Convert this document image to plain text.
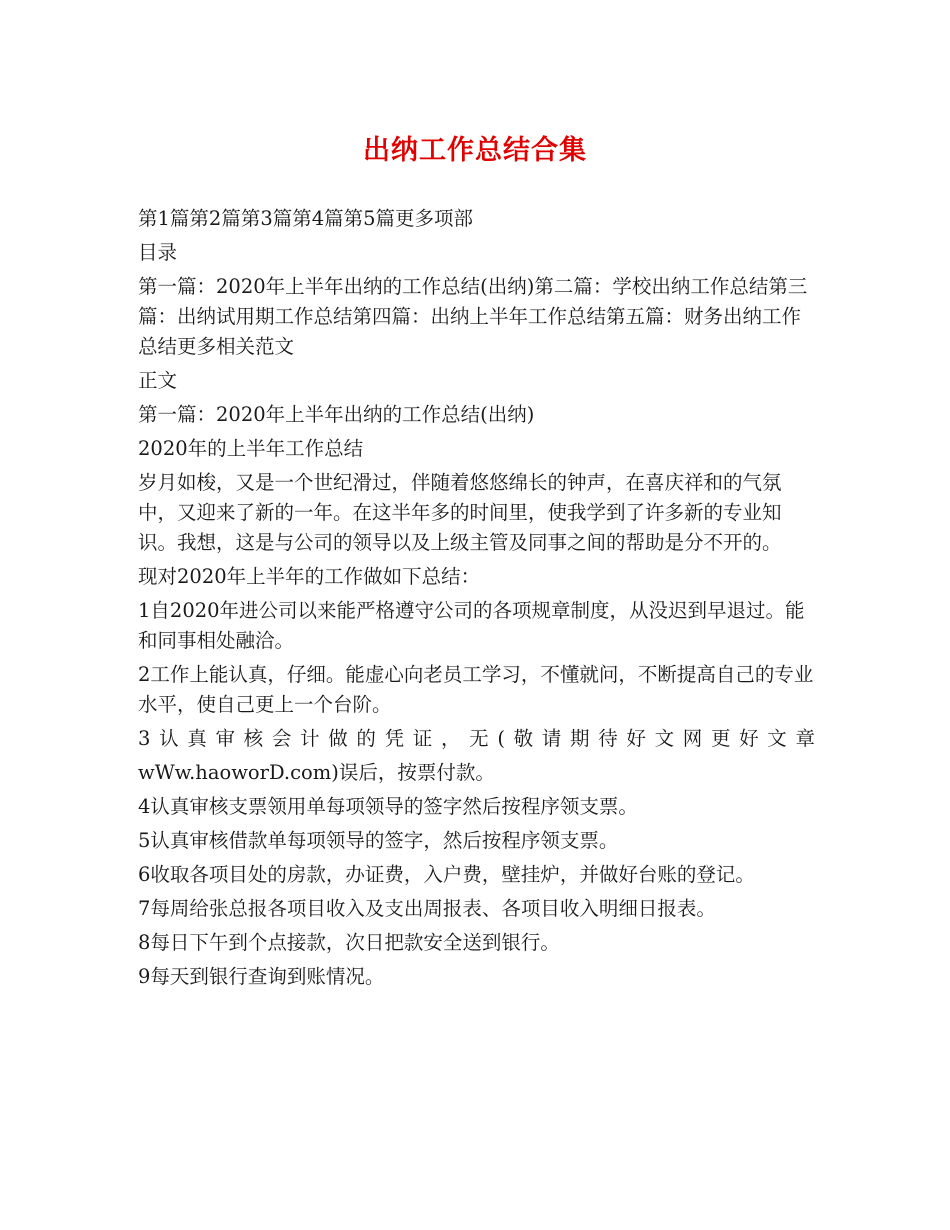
出纳工作总结合集

第1篇第2篇第3篇第4篇第5篇更多项部

目录

第一篇：2020年上半年出纳的工作总结(出纳)第二篇：学校出纳工作总结第三篇：出纳试用期工作总结第四篇：出纳上半年工作总结第五篇：财务出纳工作总结更多相关范文

正文

第一篇：2020年上半年出纳的工作总结(出纳)

2020年的上半年工作总结

岁月如梭，又是一个世纪滑过，伴随着悠悠绵长的钟声，在喜庆祥和的气氛中，又迎来了新的一年。在这半年多的时间里，使我学到了许多新的专业知识。我想，这是与公司的领导以及上级主管及同事之间的帮助是分不开的。

现对2020年上半年的工作做如下总结：

1自2020年进公司以来能严格遵守公司的各项规章制度，从没迟到早退过。能和同事相处融洽。

2工作上能认真，仔细。能虚心向老员工学习，不懂就问，不断提高自己的专业水平，使自己更上一个台阶。

3认真审核会计做的凭证，无(敬请期待好文网更好文章

wWw.haoworD.com)误后，按票付款。

4认真审核支票领用单每项领导的签字然后按程序领支票。

5认真审核借款单每项领导的签字，然后按程序领支票。

6收取各项目处的房款，办证费，入户费，壁挂炉，并做好台账的登记。

7每周给张总报各项目收入及支出周报表、各项目收入明细日报表。

8每日下午到个点接款，次日把款安全送到银行。

9每天到银行查询到账情况。
